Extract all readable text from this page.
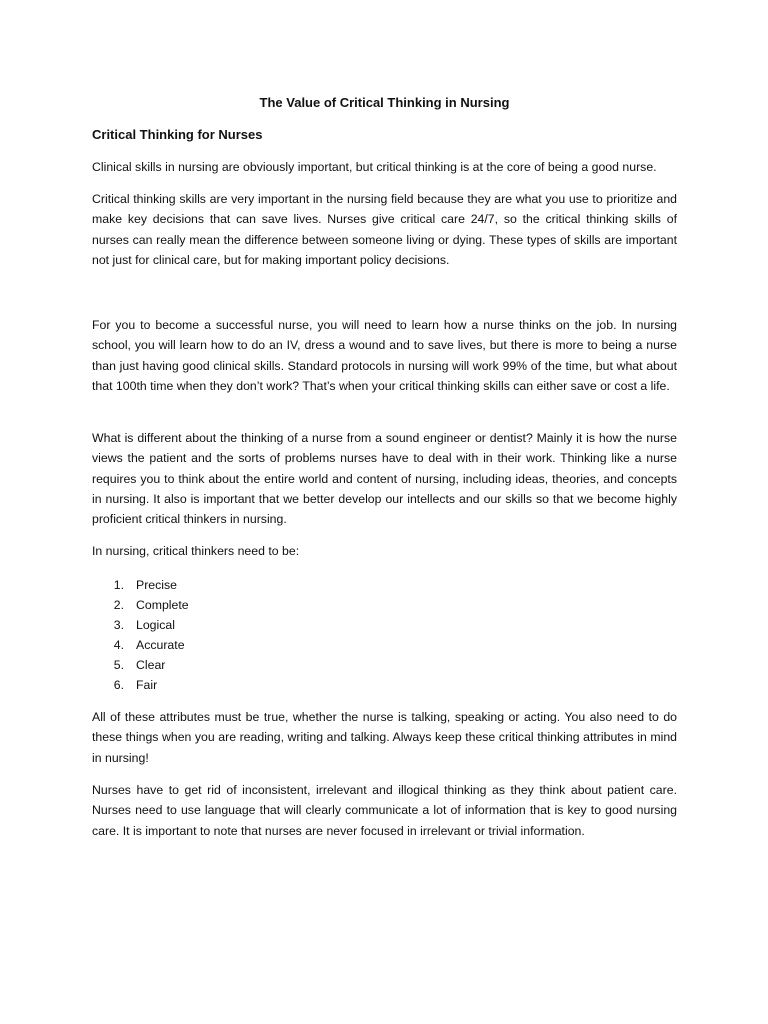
The Value of Critical Thinking in Nursing
Critical Thinking for Nurses

Clinical skills in nursing are obviously important, but critical thinking is at the core of being a good nurse.

Critical thinking skills are very important in the nursing field because they are what you use to prioritize and make key decisions that can save lives. Nurses give critical care 24/7, so the critical thinking skills of nurses can really mean the difference between someone living or dying. These types of skills are important not just for clinical care, but for making important policy decisions.

For you to become a successful nurse, you will need to learn how a nurse thinks on the job. In nursing school, you will learn how to do an IV, dress a wound and to save lives, but there is more to being a nurse than just having good clinical skills. Standard protocols in nursing will work 99% of the time, but what about that 100th time when they don’t work? That’s when your critical thinking skills can either save or cost a life.

What is different about the thinking of a nurse from a sound engineer or dentist? Mainly it is how the nurse views the patient and the sorts of problems nurses have to deal with in their work. Thinking like a nurse requires you to think about the entire world and content of nursing, including ideas, theories, and concepts in nursing. It also is important that we better develop our intellects and our skills so that we become highly proficient critical thinkers in nursing.

In nursing, critical thinkers need to be:

1. Precise
2. Complete
3. Logical
4. Accurate
5. Clear
6. Fair

All of these attributes must be true, whether the nurse is talking, speaking or acting. You also need to do these things when you are reading, writing and talking. Always keep these critical thinking attributes in mind in nursing!

Nurses have to get rid of inconsistent, irrelevant and illogical thinking as they think about patient care. Nurses need to use language that will clearly communicate a lot of information that is key to good nursing care. It is important to note that nurses are never focused in irrelevant or trivial information.
